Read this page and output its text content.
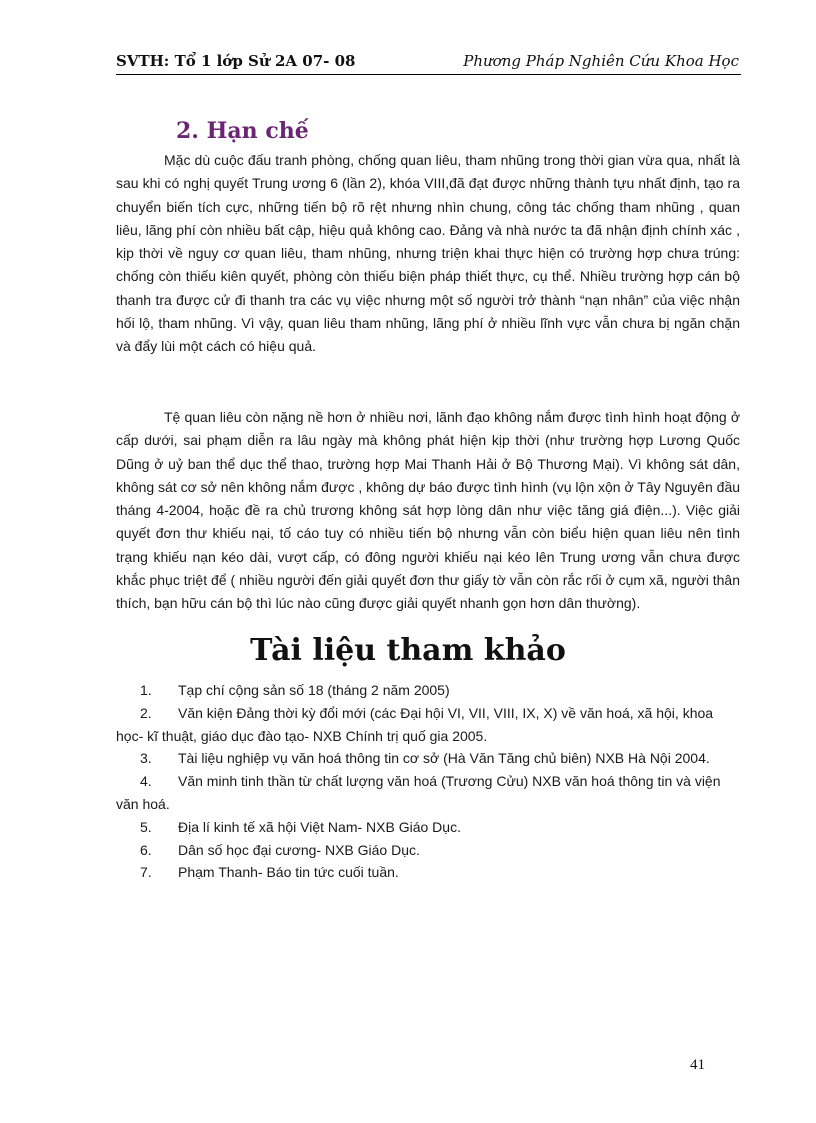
SVTH: Tổ 1 lớp Sử 2A 07- 08	Phương Pháp Nghiên Cứu Khoa Học
2. Hạn chế

Mặc dù cuộc đấu tranh phòng, chống quan liêu, tham nhũng trong thời gian vừa qua, nhất là sau khi có nghị quyết Trung ương 6 (lần 2), khóa VIII,đã đạt được những thành tựu nhất định, tạo ra chuyển biến tích cực, những tiến bộ rõ rệt nhưng nhìn chung, công tác chống tham nhũng , quan liêu, lãng phí còn nhiều bất cập, hiệu quả không cao. Đảng và nhà nước ta đã nhận định chính xác , kịp thời về nguy cơ quan liêu, tham nhũng, nhưng triện khai thực hiện có trường hợp chưa trúng: chống còn thiếu kiên quyết, phòng còn thiếu biện pháp thiết thực, cụ thể. Nhiều trường hợp cán bộ thanh tra được cử đi thanh tra các vụ việc nhưng một số người trở thành “nạn nhân” của việc nhận hối lộ, tham nhũng. Vì vậy, quan liêu tham nhũng, lãng phí ở nhiều lĩnh vực vẫn chưa bị ngăn chặn và đẩy lùi một cách có hiệu quả.

Tệ quan liêu còn nặng nề hơn ở nhiều nơi, lãnh đạo không nắm được tình hình hoạt động ở cấp dưới, sai phạm diễn ra lâu ngày mà không phát hiện kịp thời (như trường hợp Lương Quốc Dũng ở uỷ ban thể dục thể thao, trường hợp Mai Thanh Hải ở Bộ Thương Mại). Vì không sát dân, không sát cơ sở nên không nắm được , không dự báo được tình hình (vụ lộn xộn ở Tây Nguyên đầu tháng 4-2004, hoặc đề ra chủ trương không sát hợp lòng dân như việc tăng giá điện...). Việc giải quyết đơn thư khiếu nại, tố cáo tuy có nhiều tiến bộ nhưng vẫn còn biểu hiện quan liêu nên tình trạng khiếu nạn kéo dài, vượt cấp, có đông người khiếu nại kéo lên Trung ương vẫn chưa được khắc phục triệt để ( nhiều người đến giải quyết đơn thư giấy tờ vẫn còn rắc rối ở cụm xã, người thân thích, bạn hữu cán bộ thì lúc nào cũng được giải quyết nhanh gọn hơn dân thường).

Tài liệu tham khảo
1. Tạp chí cộng sản số 18 (tháng 2 năm 2005)
2. Văn kiện Đảng thời kỳ đổi mới (các Đại hội VI, VII, VIII, IX, X) về văn hoá, xã hội, khoa học- kĩ thuật, giáo dục đào tạo- NXB Chính trị quố gia 2005.
3. Tài liệu nghiệp vụ văn hoá thông tin cơ sở (Hà Văn Tăng chủ biên) NXB Hà Nội 2004.
4. Văn minh tinh thần từ chất lượng văn hoá (Trương Cửu) NXB văn hoá thông tin và viện văn hoá.
5. Địa lí kinh tế xã hội Việt Nam- NXB Giáo Dục.
6. Dân số học đại cương- NXB Giáo Dục.
7. Phạm Thanh- Báo tin tức cuối tuần.
41
